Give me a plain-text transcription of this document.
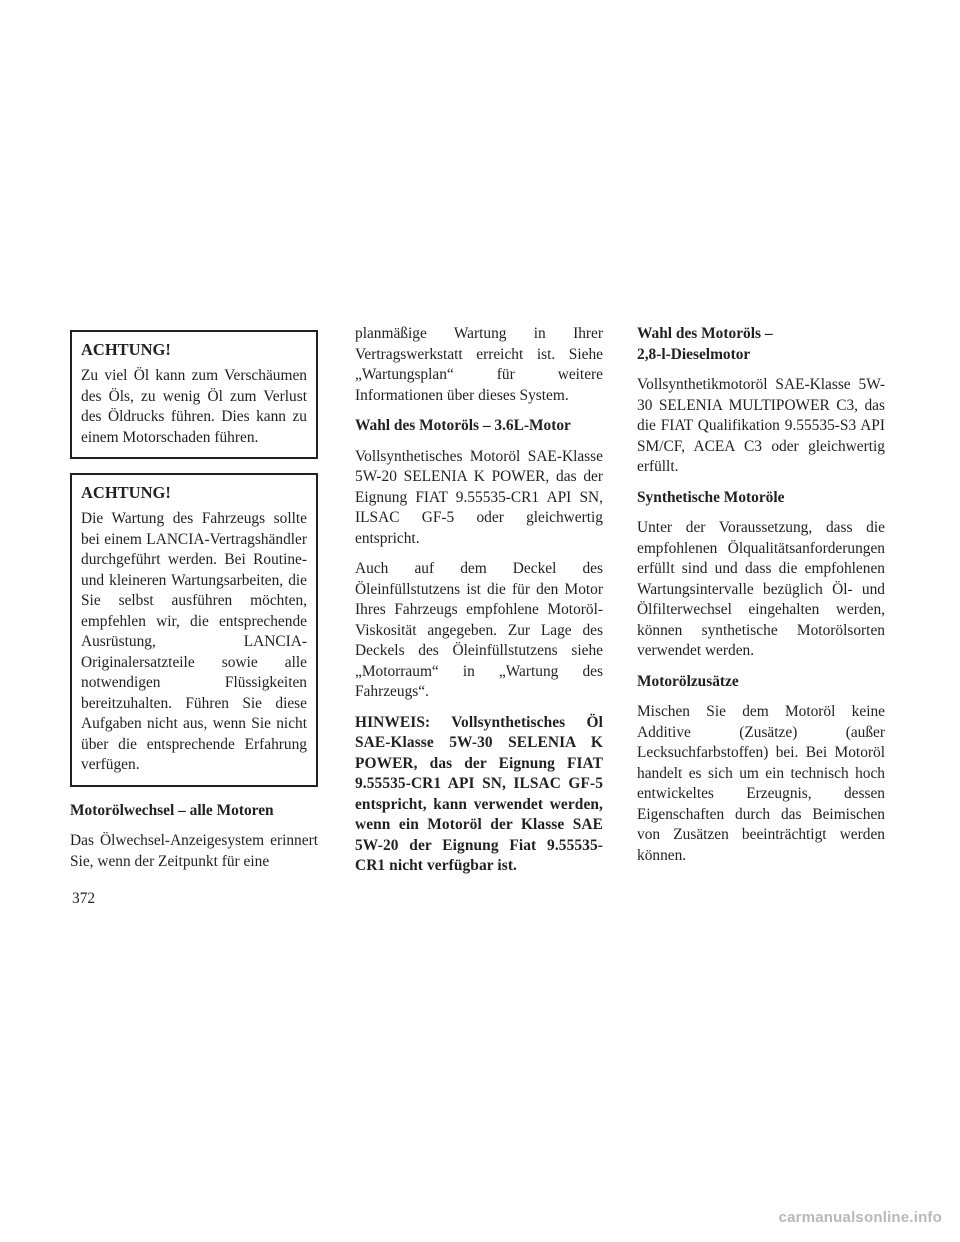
ACHTUNG!

Zu viel Öl kann zum Verschäumen des Öls, zu wenig Öl zum Verlust des Öldrucks führen. Dies kann zu einem Motorschaden führen.

ACHTUNG!

Die Wartung des Fahrzeugs sollte bei einem LANCIA-Vertragshändler durchgeführt werden. Bei Routine- und kleineren Wartungsarbeiten, die Sie selbst ausführen möchten, empfehlen wir, die entsprechende Ausrüstung, LANCIA-Originalersatzteile sowie alle notwendigen Flüssigkeiten bereitzuhalten. Führen Sie diese Aufgaben nicht aus, wenn Sie nicht über die entsprechende Erfahrung verfügen.

Motorölwechsel – alle Motoren

Das Ölwechsel-Anzeigesystem erinnert Sie, wenn der Zeitpunkt für eine

planmäßige Wartung in Ihrer Vertragswerkstatt erreicht ist. Siehe „Wartungsplan“ für weitere Informationen über dieses System.

Wahl des Motoröls – 3.6L-Motor

Vollsynthetisches Motoröl SAE-Klasse 5W-20 SELENIA K POWER, das der Eignung FIAT 9.55535-CR1 API SN, ILSAC GF-5 oder gleichwertig entspricht.

Auch auf dem Deckel des Öleinfüllstutzens ist die für den Motor Ihres Fahrzeugs empfohlene Motoröl-Viskosität angegeben. Zur Lage des Deckels des Öleinfüllstutzens siehe „Motorraum“ in „Wartung des Fahrzeugs“.

HINWEIS: Vollsynthetisches Öl SAE-Klasse 5W-30 SELENIA K POWER, das der Eignung FIAT 9.55535-CR1 API SN, ILSAC GF-5 entspricht, kann verwendet werden, wenn ein Motoröl der Klasse SAE 5W-20 der Eignung Fiat 9.55535-CR1 nicht verfügbar ist.

Wahl des Motoröls –
2,8-l-Dieselmotor

Vollsynthetikmotoröl SAE-Klasse 5W-30 SELENIA MULTIPOWER C3, das die FIAT Qualifikation 9.55535-S3 API SM/CF, ACEA C3 oder gleichwertig erfüllt.

Synthetische Motoröle

Unter der Voraussetzung, dass die empfohlenen Ölqualitätsanforderungen erfüllt sind und dass die empfohlenen Wartungsintervalle bezüglich Öl- und Ölfilterwechsel eingehalten werden, können synthetische Motorölsorten verwendet werden.

Motorölzusätze

Mischen Sie dem Motoröl keine Additive (Zusätze) (außer Lecksuchfarbstoffen) bei. Bei Motoröl handelt es sich um ein technisch hoch entwickeltes Erzeugnis, dessen Eigenschaften durch das Beimischen von Zusätzen beeinträchtigt werden können.

372
carmanualsonline.info
